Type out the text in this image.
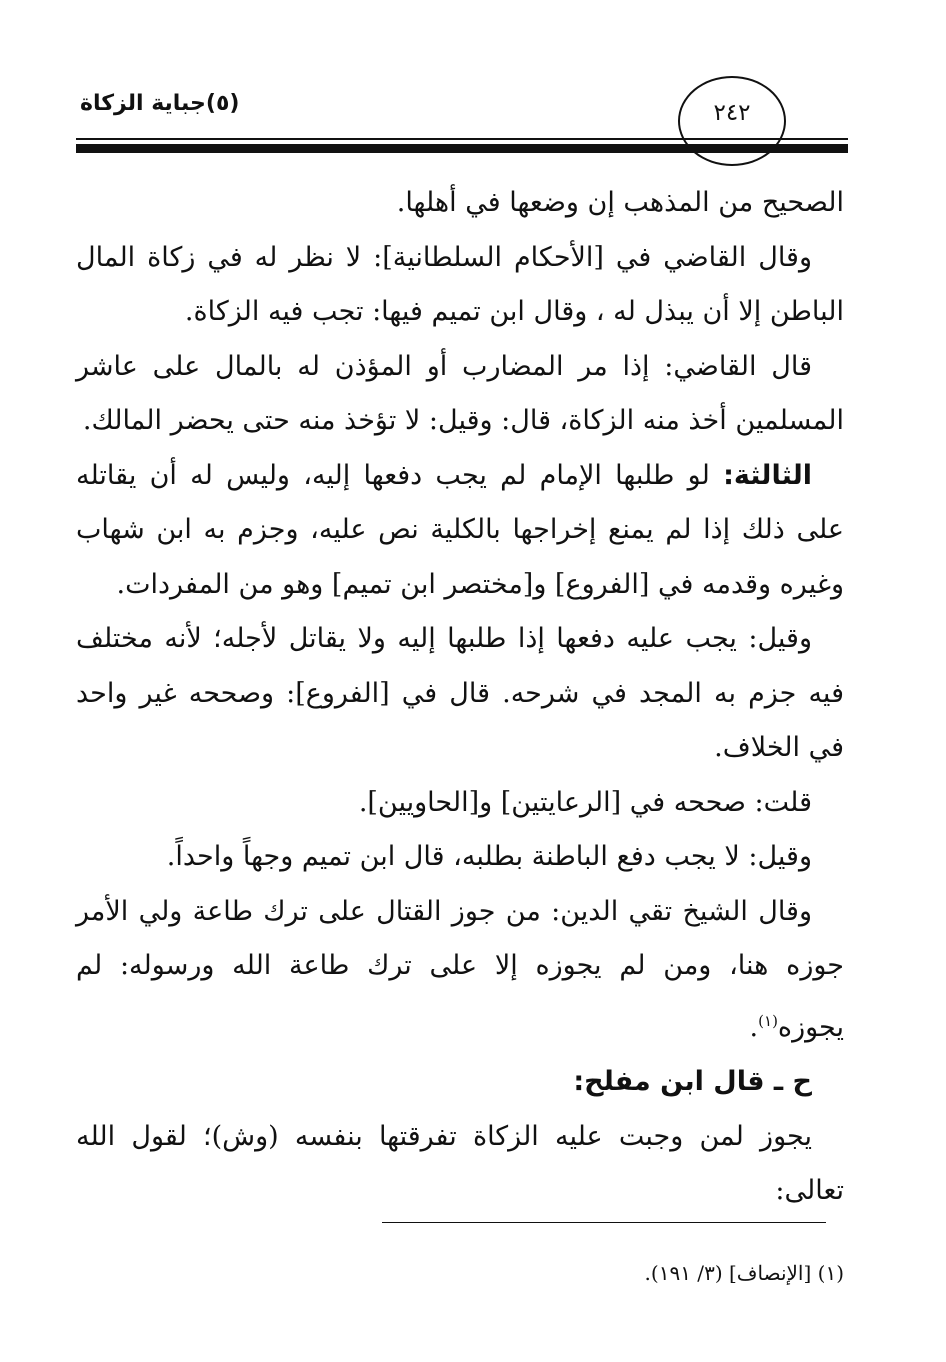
(٥)جباية الزكاة	٢٤٢

الصحيح من المذهب إن وضعها في أهلها.

وقال القاضي في [الأحكام السلطانية]: لا نظر له في زكاة المال الباطن إلا أن يبذل له ، وقال ابن تميم فيها: تجب فيه الزكاة.

قال القاضي: إذا مر المضارب أو المؤذن له بالمال على عاشر المسلمين أخذ منه الزكاة، قال: وقيل: لا تؤخذ منه حتى يحضر المالك.

الثالثة: لو طلبها الإمام لم يجب دفعها إليه، وليس له أن يقاتله على ذلك إذا لم يمنع إخراجها بالكلية نص عليه، وجزم به ابن شهاب وغيره وقدمه في [الفروع] و[مختصر ابن تميم] وهو من المفردات.

وقيل: يجب عليه دفعها إذا طلبها إليه ولا يقاتل لأجله؛ لأنه مختلف فيه جزم به المجد في شرحه. قال في [الفروع]: وصححه غير واحد في الخلاف.

قلت: صححه في [الرعايتين] و[الحاويين].

وقيل: لا يجب دفع الباطنة بطلبه، قال ابن تميم وجهاً واحداً.

وقال الشيخ تقي الدين: من جوز القتال على ترك طاعة ولي الأمر جوزه هنا، ومن لم يجوزه إلا على ترك طاعة الله ورسوله: لم يجوزه$^{(١)}$.

ح ـ قال ابن مفلح:

يجوز لمن وجبت عليه الزكاة تفرقتها بنفسه (وش)؛ لقول الله تعالى:

(١) [الإنصاف] (٣/ ١٩١).
